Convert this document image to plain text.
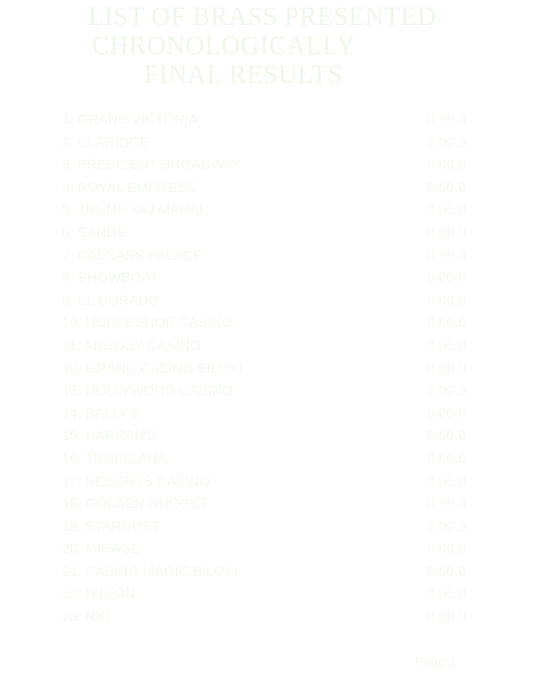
LIST OF BRASS PRESENTED
CHRONOLOGICALLY
FINAL RESULTS
1. GRAND VICTORIA	0.00.0
2. CLARIDGE	0.00.0
3. PRESIDENT BROADWAY	0.00.0
4. ROYAL EMPRESS	0.00.0
5. TRUMP TAJ MAHAL	0.00.0
6. SANDS	0.00.0
7. CAESARS PALACE	0.00.0
8. SHOWBOAT	0.00.0
9. EL DORADO	0.00.0
10. HORSESHOE CASINO	0.00.0
11. ARGOSY CASINO	0.00.0
12. GRAND CASINO BILOXI	0.00.0
13. HOLLYWOOD CASINO	0.00.0
14. BALLY'S	0.00.0
15. HARRAH'S	0.00.0
16. TROPICANA	0.00.0
17. RESORTS CASINO	0.00.0
18. GOLDEN NUGGET	0.00.0
19. STARDUST	0.00.0
20. MIRAGE	0.00.0
21. CASINO MAGIC BILOXI	0.00.0
22. HILTON	0.00.0
23. RIO	0.00.0
Page 1
